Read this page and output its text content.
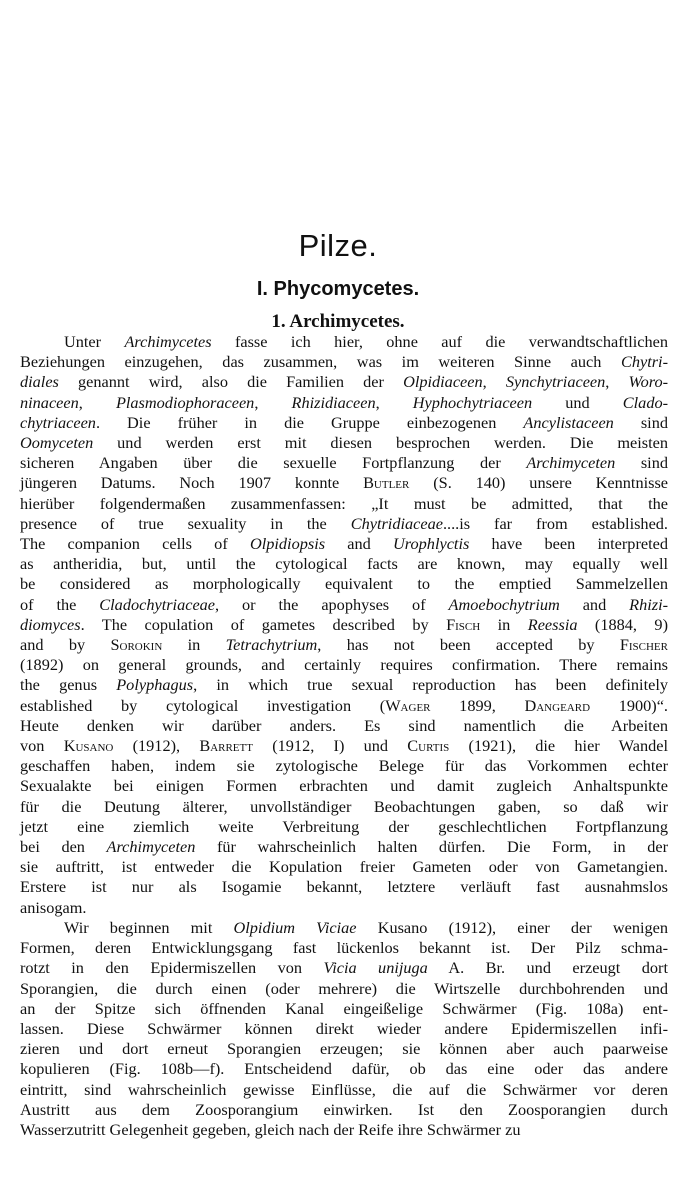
Pilze.
I. Phycomycetes.
1. Archimycetes.
Unter Archimycetes fasse ich hier, ohne auf die verwandtschaftlichen
Beziehungen einzugehen, das zusammen, was im weiteren Sinne auch Chytri-
diales genannt wird, also die Familien der Olpidiaceen, Synchytriaceen, Woro-
ninaceen, Plasmodiophoraceen, Rhizidiaceen, Hyphochytriaceen und Clado-
chytriaceen. Die früher in die Gruppe einbezogenen Ancylistaceen sind
Oomyceten und werden erst mit diesen besprochen werden. Die meisten
sicheren Angaben über die sexuelle Fortpflanzung der Archimyceten sind
jüngeren Datums. Noch 1907 konnte Butler (S. 140) unsere Kenntnisse
hierüber folgendermaßen zusammenfassen: „It must be admitted, that the
presence of true sexuality in the Chytridiaceae....is far from established.
The companion cells of Olpidiopsis and Urophlyctis have been interpreted
as antheridia, but, until the cytological facts are known, may equally well
be considered as morphologically equivalent to the emptied Sammelzellen
of the Cladochytriaceae, or the apophyses of Amoebochytrium and Rhizi-
diomyces. The copulation of gametes described by Fisch in Reessia (1884, 9)
and by Sorokin in Tetrachytrium, has not been accepted by Fischer
(1892) on general grounds, and certainly requires confirmation. There remains
the genus Polyphagus, in which true sexual reproduction has been definitely
established by cytological investigation (Wager 1899, Dangeard 1900)“.
Heute denken wir darüber anders. Es sind namentlich die Arbeiten
von Kusano (1912), Barrett (1912, I) und Curtis (1921), die hier Wandel
geschaffen haben, indem sie zytologische Belege für das Vorkommen echter
Sexualakte bei einigen Formen erbrachten und damit zugleich Anhaltspunkte
für die Deutung älterer, unvollständiger Beobachtungen gaben, so daß wir
jetzt eine ziemlich weite Verbreitung der geschlechtlichen Fortpflanzung
bei den Archimyceten für wahrscheinlich halten dürfen. Die Form, in der
sie auftritt, ist entweder die Kopulation freier Gameten oder von Gametangien.
Erstere ist nur als Isogamie bekannt, letztere verläuft fast ausnahmslos
anisogam.
Wir beginnen mit Olpidium Viciae Kusano (1912), einer der wenigen
Formen, deren Entwicklungsgang fast lückenlos bekannt ist. Der Pilz schma-
rotzt in den Epidermiszellen von Vicia unijuga A. Br. und erzeugt dort
Sporangien, die durch einen (oder mehrere) die Wirtszelle durchbohrenden und
an der Spitze sich öffnenden Kanal eingeißelige Schwärmer (Fig. 108a) ent-
lassen. Diese Schwärmer können direkt wieder andere Epidermiszellen infi-
zieren und dort erneut Sporangien erzeugen; sie können aber auch paarweise
kopulieren (Fig. 108b—f). Entscheidend dafür, ob das eine oder das andere
eintritt, sind wahrscheinlich gewisse Einflüsse, die auf die Schwärmer vor deren
Austritt aus dem Zoosporangium einwirken. Ist den Zoosporangien durch
Wasserzutritt Gelegenheit gegeben, gleich nach der Reife ihre Schwärmer zu
